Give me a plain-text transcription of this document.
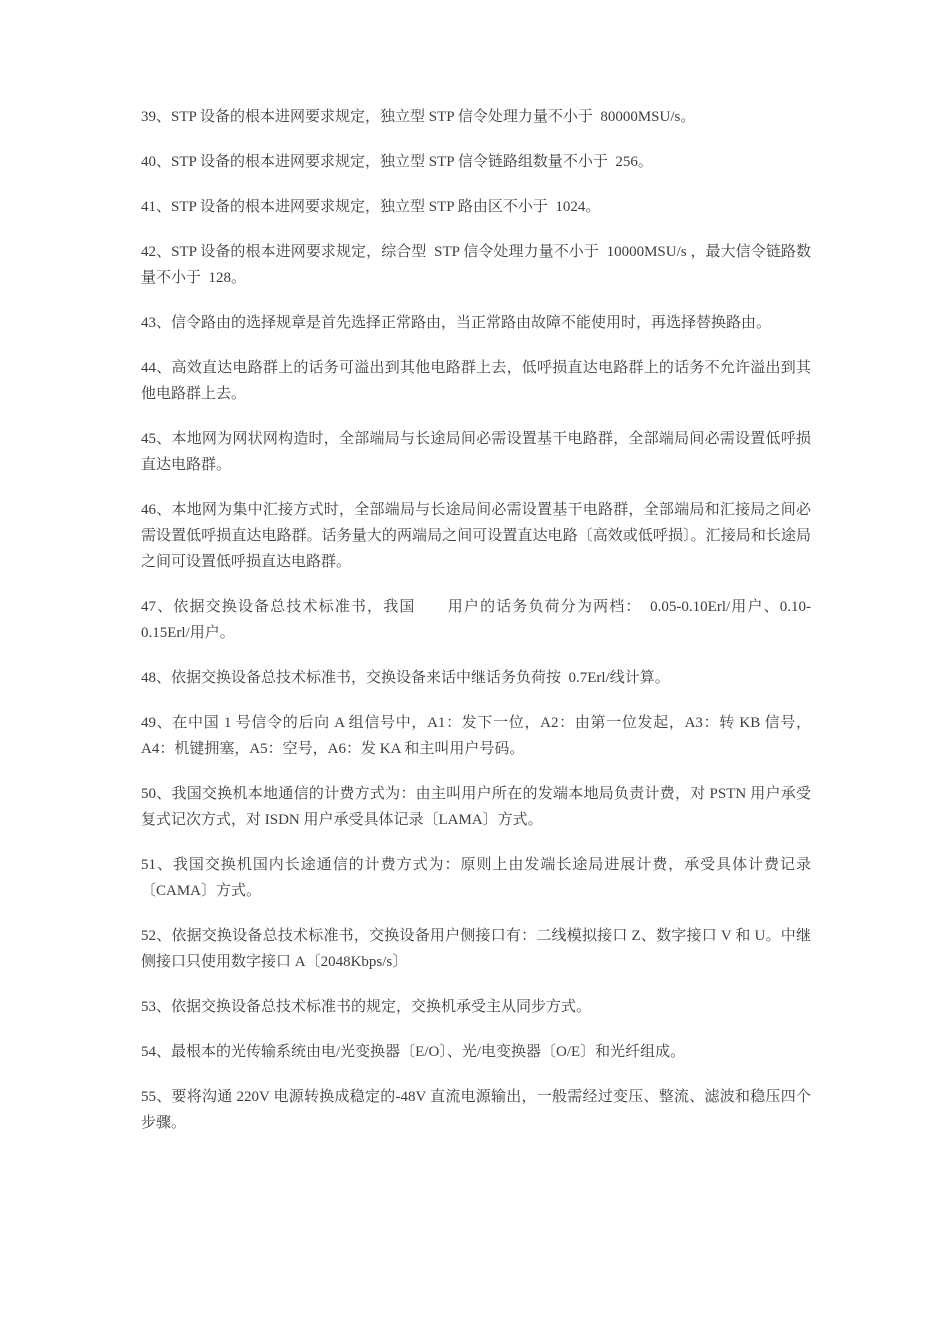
39、STP 设备的根本进网要求规定，独立型 STP 信令处理力量不小于  80000MSU/s。

40、STP 设备的根本进网要求规定，独立型 STP 信令链路组数量不小于  256。

41、STP 设备的根本进网要求规定，独立型 STP 路由区不小于  1024。

42、STP 设备的根本进网要求规定，综合型  STP 信令处理力量不小于  10000MSU/s ，最大信令链路数量不小于  128。

43、信令路由的选择规章是首先选择正常路由，当正常路由故障不能使用时，再选择替换路由。

44、高效直达电路群上的话务可溢出到其他电路群上去，低呼损直达电路群上的话务不允许溢出到其他电路群上去。

45、本地网为网状网构造时，全部端局与长途局间必需设置基干电路群，全部端局间必需设置低呼损直达电路群。

46、本地网为集中汇接方式时，全部端局与长途局间必需设置基干电路群，全部端局和汇接局之间必需设置低呼损直达电路群。话务量大的两端局之间可设置直达电路〔高效或低呼损〕。汇接局和长途局之间可设置低呼损直达电路群。

47、依据交换设备总技术标准书，我国　　用户的话务负荷分为两档：　0.05-0.10Erl/用户、0.10-0.15Erl/用户。

48、依据交换设备总技术标准书，交换设备来话中继话务负荷按  0.7Erl/线计算。

49、在中国 1 号信令的后向 A 组信号中，A1：发下一位，A2：由第一位发起，A3：转 KB 信号，A4：机键拥塞，A5：空号，A6：发 KA 和主叫用户号码。

50、我国交换机本地通信的计费方式为：由主叫用户所在的发端本地局负责计费，对 PSTN 用户承受复式记次方式，对 ISDN 用户承受具体记录〔LAMA〕方式。

51、我国交换机国内长途通信的计费方式为：原则上由发端长途局进展计费，承受具体计费记录〔CAMA〕方式。

52、依据交换设备总技术标准书，交换设备用户侧接口有：二线模拟接口 Z、数字接口 V 和 U。中继侧接口只使用数字接口 A〔2048Kbps/s〕

53、依据交换设备总技术标准书的规定，交换机承受主从同步方式。

54、最根本的光传输系统由电/光变换器〔E/O〕、光/电变换器〔O/E〕和光纤组成。

55、要将沟通 220V 电源转换成稳定的-48V 直流电源输出，一般需经过变压、整流、滤波和稳压四个步骤。
